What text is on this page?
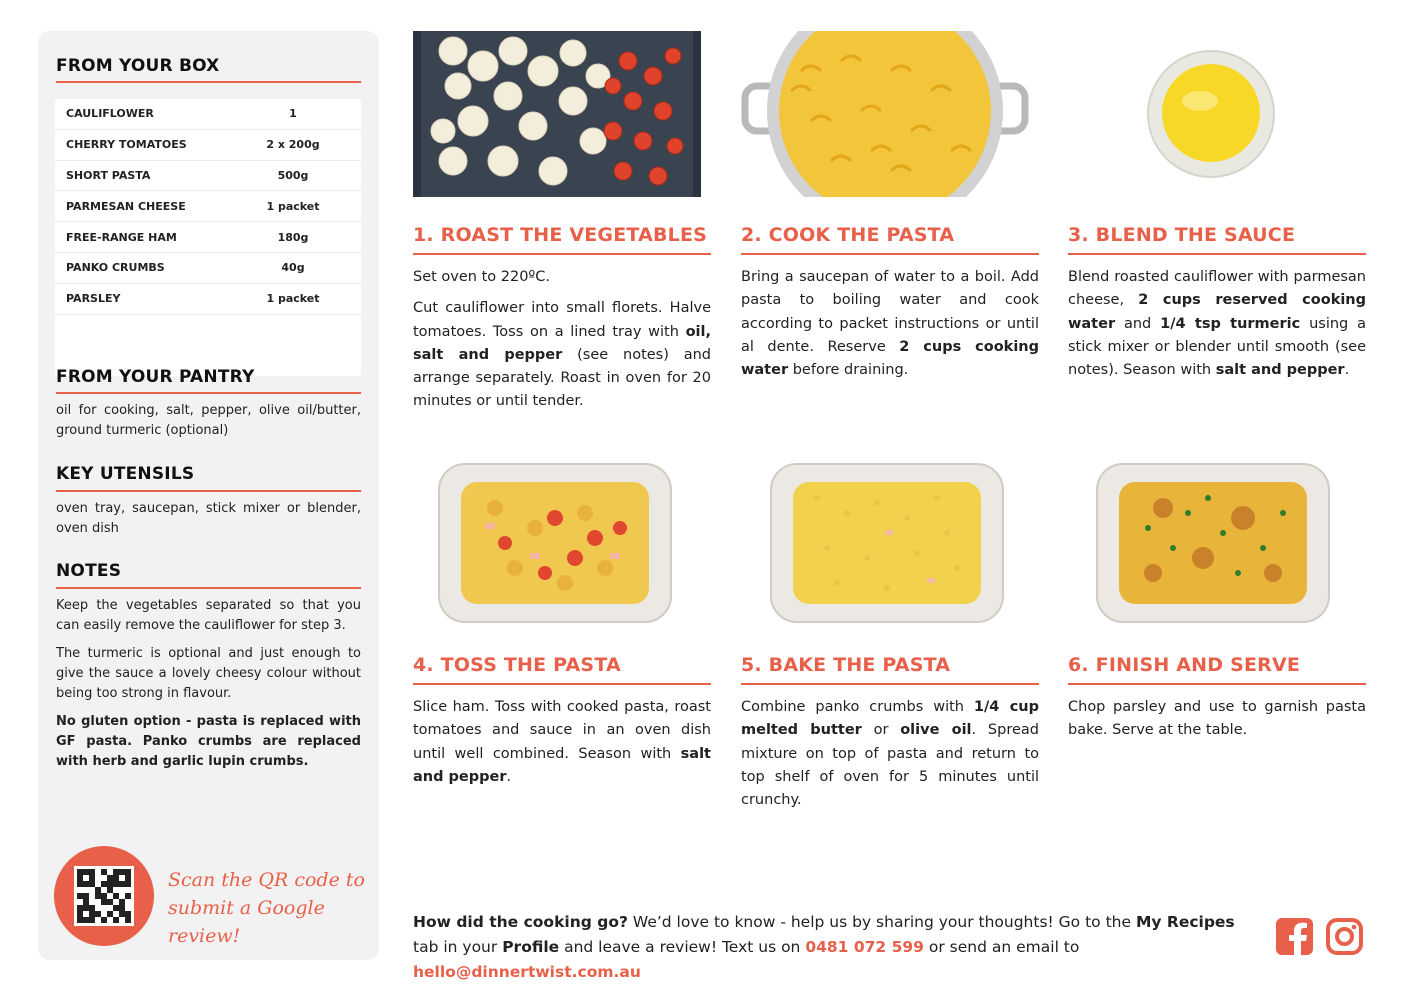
FROM YOUR BOX
CAULIFLOWER	1
CHERRY TOMATOES	2 x 200g
SHORT PASTA	500g
PARMESAN CHEESE	1 packet
FREE-RANGE HAM	180g
PANKO CRUMBS	40g
PARSLEY	1 packet
FROM YOUR PANTRY
oil for cooking, salt, pepper, olive oil/butter, ground turmeric (optional)
KEY UTENSILS
oven tray, saucepan, stick mixer or blender, oven dish
NOTES
Keep the vegetables separated so that you can easily remove the cauliflower for step 3.
The turmeric is optional and just enough to give the sauce a lovely cheesy colour without being too strong in flavour.
No gluten option - pasta is replaced with GF pasta. Panko crumbs are replaced with herb and garlic lupin crumbs.
Scan the QR code to
submit a Google review!
1. ROAST THE VEGETABLES

Set oven to 220ºC.

Cut cauliflower into small florets. Halve tomatoes. Toss on a lined tray with oil, salt and pepper (see notes) and arrange separately. Roast in oven for 20 minutes or until tender.

2. COOK THE PASTA

Bring a saucepan of water to a boil. Add pasta to boiling water and cook according to packet instructions or until al dente. Reserve 2 cups cooking water before draining.

3. BLEND THE SAUCE

Blend roasted cauliflower with parmesan cheese, 2 cups reserved cooking water and 1/4 tsp turmeric using a stick mixer or blender until smooth (see notes). Season with salt and pepper.

4. TOSS THE PASTA

Slice ham. Toss with cooked pasta, roast tomatoes and sauce in an oven dish until well combined. Season with salt and pepper.

5. BAKE THE PASTA

Combine panko crumbs with 1/4 cup melted butter or olive oil. Spread mixture on top of pasta and return to top shelf of oven for 5 minutes until crunchy.

6. FINISH AND SERVE

Chop parsley and use to garnish pasta bake. Serve at the table.

How did the cooking go? We’d love to know - help us by sharing your thoughts! Go to the My Recipes tab in your Profile and leave a review! Text us on 0481 072 599 or send an email to hello@dinnertwist.com.au
